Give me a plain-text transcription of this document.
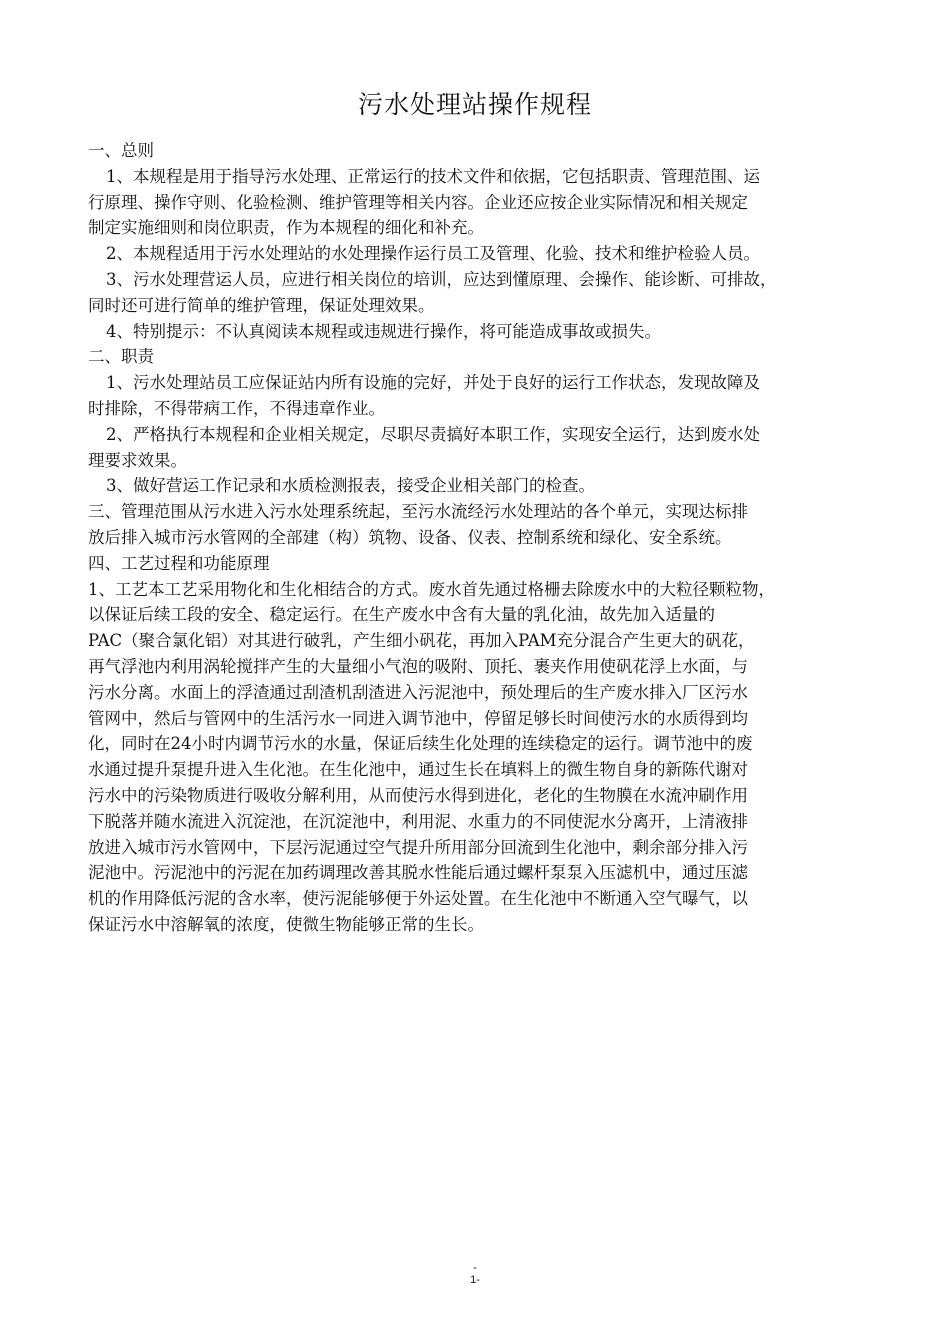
污水处理站操作规程
一、总则
1、本规程是用于指导污水处理、正常运行的技术文件和依据，它包括职责、管理范围、运
行原理、操作守则、化验检测、维护管理等相关内容。企业还应按企业实际情况和相关规定
制定实施细则和岗位职责，作为本规程的细化和补充。
2、本规程适用于污水处理站的水处理操作运行员工及管理、化验、技术和维护检验人员。
3、污水处理营运人员，应进行相关岗位的培训，应达到懂原理、会操作、能诊断、可排故，
同时还可进行简单的维护管理，保证处理效果。
4、特别提示：不认真阅读本规程或违规进行操作，将可能造成事故或损失。
二、职责
1、污水处理站员工应保证站内所有设施的完好，并处于良好的运行工作状态，发现故障及
时排除，不得带病工作，不得违章作业。
2、严格执行本规程和企业相关规定，尽职尽责搞好本职工作，实现安全运行，达到废水处
理要求效果。
3、做好营运工作记录和水质检测报表，接受企业相关部门的检查。
三、管理范围从污水进入污水处理系统起，至污水流经污水处理站的各个单元，实现达标排
放后排入城市污水管网的全部建（构）筑物、设备、仪表、控制系统和绿化、安全系统。
四、工艺过程和功能原理
1、工艺本工艺采用物化和生化相结合的方式。废水首先通过格栅去除废水中的大粒径颗粒物，
以保证后续工段的安全、稳定运行。在生产废水中含有大量的乳化油，故先加入适量的
PAC（聚合氯化铝）对其进行破乳，产生细小矾花，再加入PAM充分混合产生更大的矾花，
再气浮池内利用涡轮搅拌产生的大量细小气泡的吸附、顶托、裹夹作用使矾花浮上水面，与
污水分离。水面上的浮渣通过刮渣机刮渣进入污泥池中，预处理后的生产废水排入厂区污水
管网中，然后与管网中的生活污水一同进入调节池中，停留足够长时间使污水的水质得到均
化，同时在24小时内调节污水的水量，保证后续生化处理的连续稳定的运行。调节池中的废
水通过提升泵提升进入生化池。在生化池中，通过生长在填料上的微生物自身的新陈代谢对
污水中的污染物质进行吸收分解利用，从而使污水得到进化，老化的生物膜在水流冲刷作用
下脱落并随水流进入沉淀池，在沉淀池中，利用泥、水重力的不同使泥水分离开，上清液排
放进入城市污水管网中，下层污泥通过空气提升所用部分回流到生化池中，剩余部分排入污
泥池中。污泥池中的污泥在加药调理改善其脱水性能后通过螺杆泵泵入压滤机中，通过压滤
机的作用降低污泥的含水率，使污泥能够便于外运处置。在生化池中不断通入空气曝气，以
保证污水中溶解氧的浓度，使微生物能够正常的生长。
-
1-
